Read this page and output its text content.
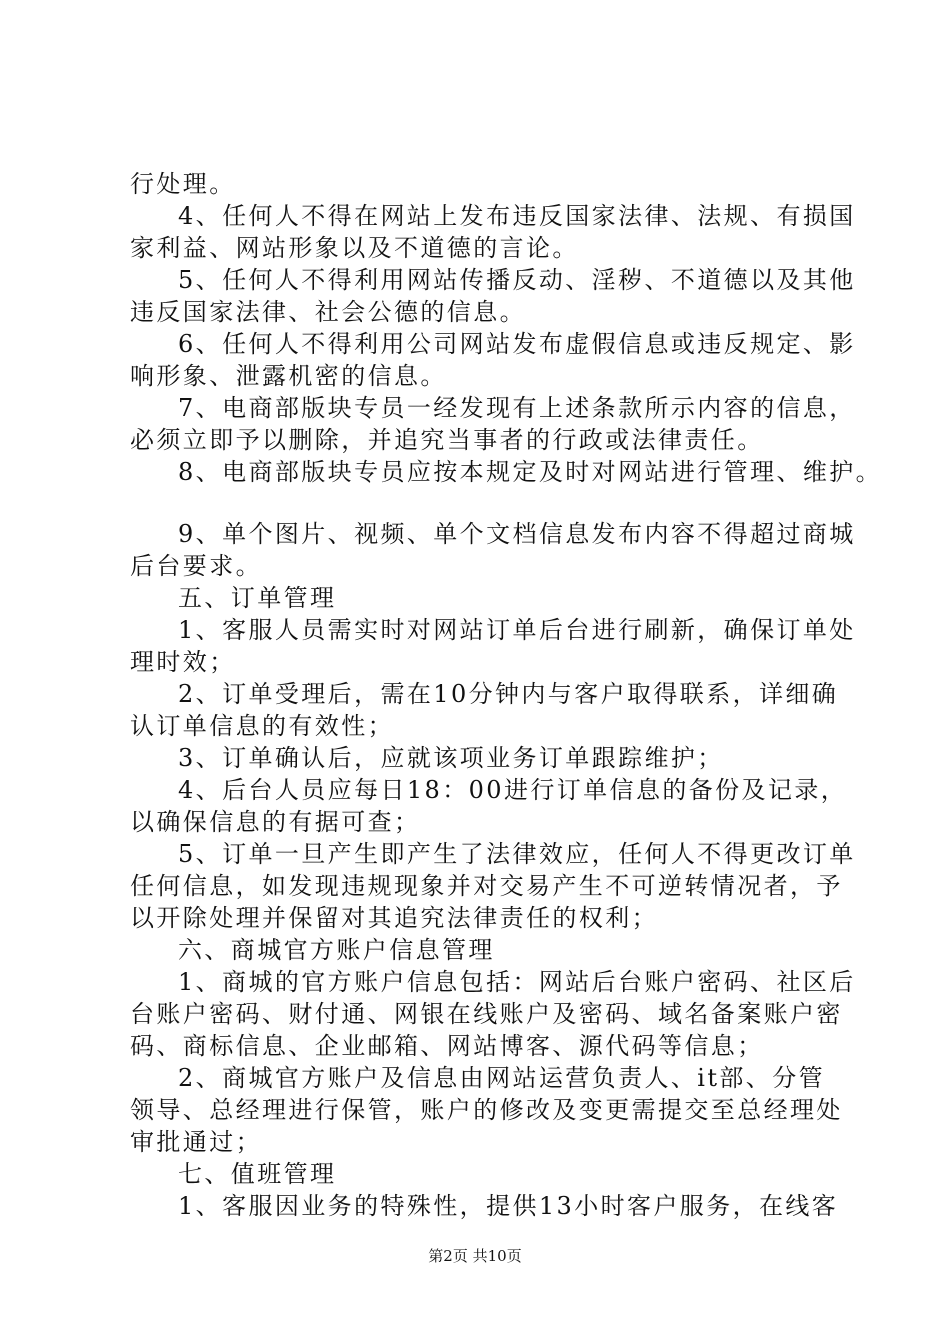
行处理。
4、任何人不得在网站上发布违反国家法律、法规、有损国
家利益、网站形象以及不道德的言论。
5、任何人不得利用网站传播反动、淫秽、不道德以及其他
违反国家法律、社会公德的信息。
6、任何人不得利用公司网站发布虚假信息或违反规定、影
响形象、泄露机密的信息。
7、电商部版块专员一经发现有上述条款所示内容的信息，
必须立即予以删除，并追究当事者的行政或法律责任。
8、电商部版块专员应按本规定及时对网站进行管理、维护。
9、单个图片、视频、单个文档信息发布内容不得超过商城
后台要求。
五、订单管理
1、客服人员需实时对网站订单后台进行刷新，确保订单处
理时效；
2、订单受理后，需在10分钟内与客户取得联系，详细确
认订单信息的有效性；
3、订单确认后，应就该项业务订单跟踪维护；
4、后台人员应每日18：00进行订单信息的备份及记录，
以确保信息的有据可查；
5、订单一旦产生即产生了法律效应，任何人不得更改订单
任何信息，如发现违规现象并对交易产生不可逆转情况者，予
以开除处理并保留对其追究法律责任的权利；
六、商城官方账户信息管理
1、商城的官方账户信息包括：网站后台账户密码、社区后
台账户密码、财付通、网银在线账户及密码、域名备案账户密
码、商标信息、企业邮箱、网站博客、源代码等信息；
2、商城官方账户及信息由网站运营负责人、it部、分管
领导、总经理进行保管，账户的修改及变更需提交至总经理处
审批通过；
七、值班管理
1、客服因业务的特殊性，提供13小时客户服务，在线客
第2页 共10页
